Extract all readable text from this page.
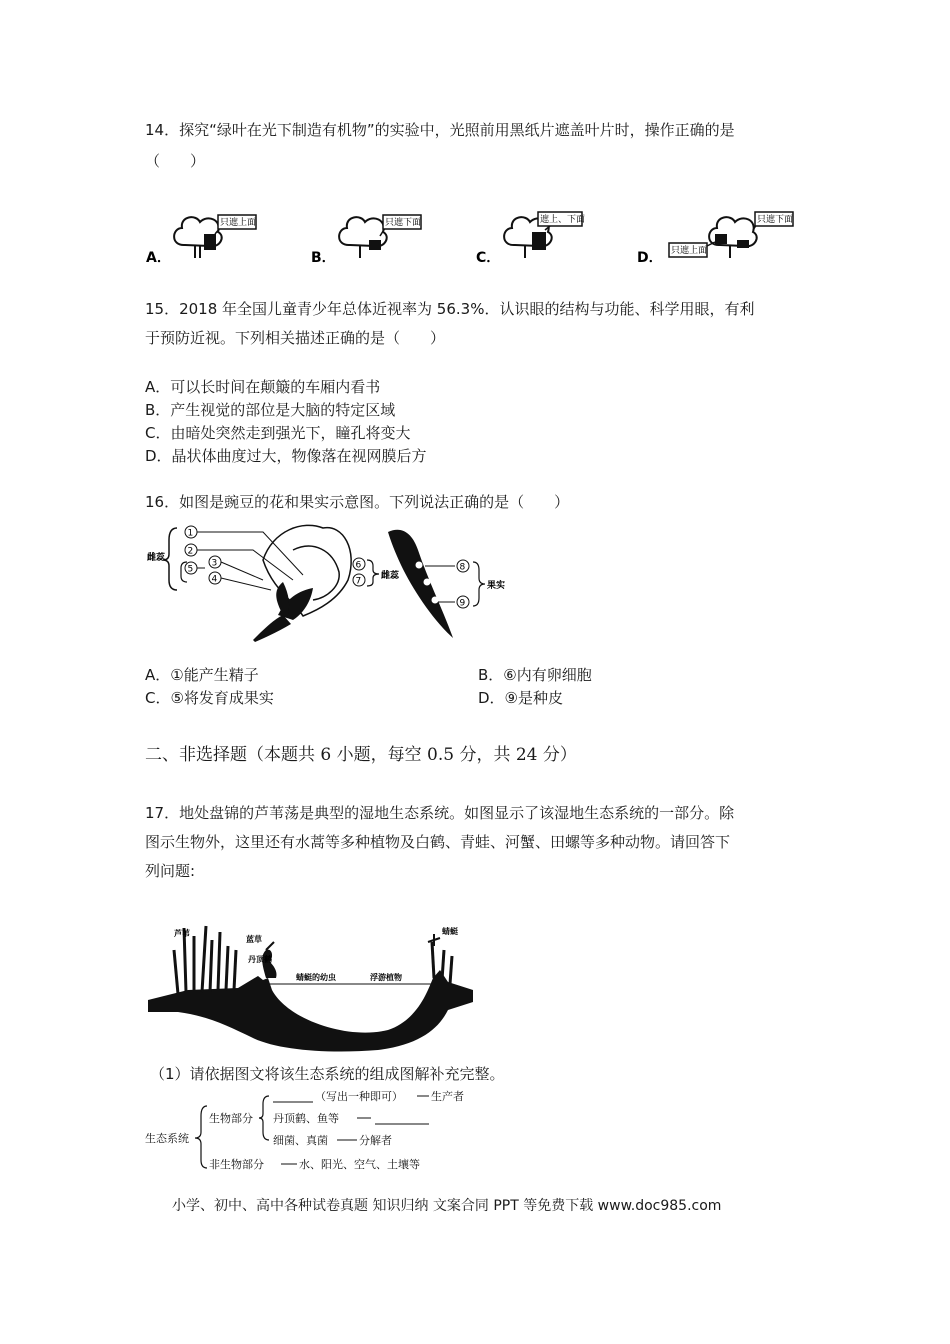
14．探究“绿叶在光下制造有机物”的实验中，光照前用黑纸片遮盖叶片时，操作正确的是
（　　）
A．
只遮上面
B．
只遮下面
C．
遮上、下面
D． 只遮上面
只遮下面
15．2018 年全国儿童青少年总体近视率为 56.3%．认识眼的结构与功能、科学用眼，有利
于预防近视。下列相关描述正确的是（　　）
A．可以长时间在颠簸的车厢内看书
B．产生视觉的部位是大脑的特定区域
C．由暗处突然走到强光下，瞳孔将变大
D．晶状体曲度过大，物像落在视网膜后方
16．如图是豌豆的花和果实示意图。下列说法正确的是（　　）
雌蕊
1
2
5
3
4
6
7
雌蕊
8
9
果实
A．①能产生精子	B．⑥内有卵细胞
C．⑤将发育成果实	D．⑨是种皮
二、非选择题（本题共 6 小题，每空 0.5 分，共 24 分）
17．地处盘锦的芦苇荡是典型的湿地生态系统。如图显示了该湿地生态系统的一部分。除
图示生物外，这里还有水蒿等多种植物及白鹤、青蛙、河蟹、田螺等多种动物。请回答下
列问题:
芦苇
蓝草
丹顶鹤
蜻蜓的幼虫	浮游植物
鱼	剑水蚤
蜻蜓
（1）请依据图文将该生态系统的组成图解补充完整。
生态系统
生物部分
（写出一种即可）	生产者
丹顶鹤、鱼等
细菌、真菌	分解者
非生物部分	水、阳光、空气、土壤等
小学、初中、高中各种试卷真题 知识归纳 文案合同 PPT 等免费下载 www.doc985.com
